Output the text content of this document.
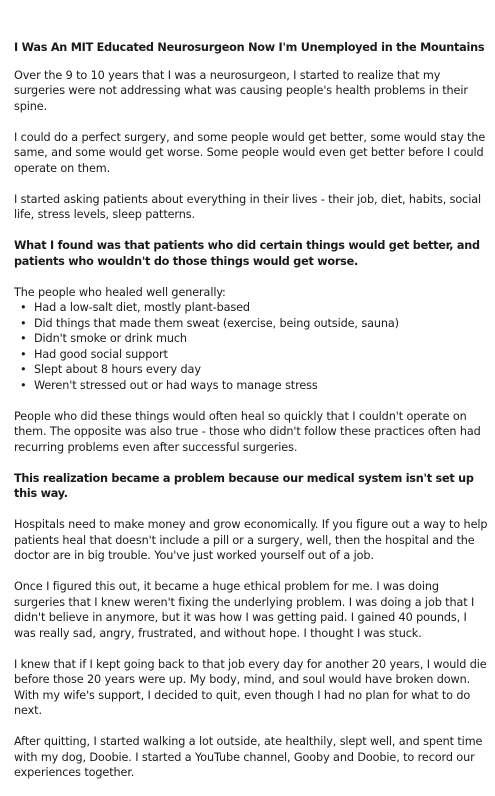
I Was An MIT Educated Neurosurgeon Now I'm Unemployed in the Mountains

Over the 9 to 10 years that I was a neurosurgeon, I started to realize that my surgeries were not addressing what was causing people's health problems in their spine.

I could do a perfect surgery, and some people would get better, some would stay the same, and some would get worse. Some people would even get better before I could operate on them.

I started asking patients about everything in their lives - their job, diet, habits, social life, stress levels, sleep patterns.

What I found was that patients who did certain things would get better, and patients who wouldn't do those things would get worse.

The people who healed well generally:

• Had a low-salt diet, mostly plant-based
• Did things that made them sweat (exercise, being outside, sauna)
• Didn't smoke or drink much
• Had good social support
• Slept about 8 hours every day
• Weren't stressed out or had ways to manage stress

People who did these things would often heal so quickly that I couldn't operate on them. The opposite was also true - those who didn't follow these practices often had recurring problems even after successful surgeries.

This realization became a problem because our medical system isn't set up this way.

Hospitals need to make money and grow economically. If you figure out a way to help patients heal that doesn't include a pill or a surgery, well, then the hospital and the doctor are in big trouble. You've just worked yourself out of a job.

Once I figured this out, it became a huge ethical problem for me. I was doing surgeries that I knew weren't fixing the underlying problem. I was doing a job that I didn't believe in anymore, but it was how I was getting paid. I gained 40 pounds, I was really sad, angry, frustrated, and without hope. I thought I was stuck.

I knew that if I kept going back to that job every day for another 20 years, I would die before those 20 years were up. My body, mind, and soul would have broken down. With my wife's support, I decided to quit, even though I had no plan for what to do next.

After quitting, I started walking a lot outside, ate healthily, slept well, and spent time with my dog, Doobie. I started a YouTube channel, Gooby and Doobie, to record our experiences together.
